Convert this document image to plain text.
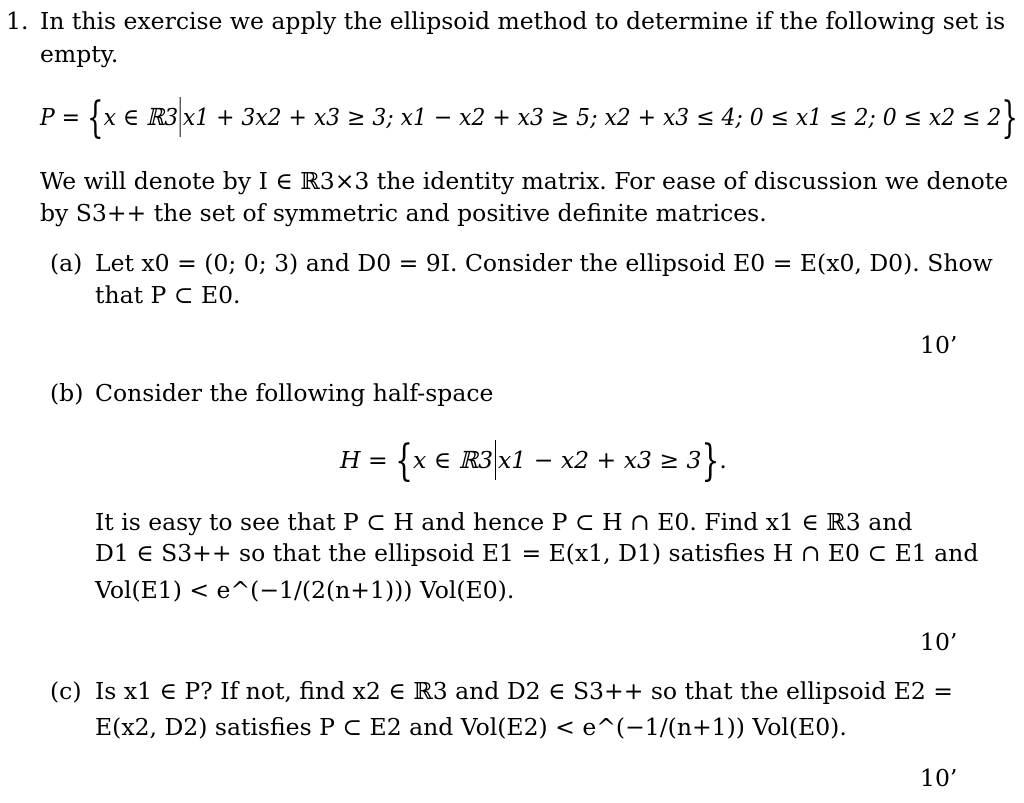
1. In this exercise we apply the ellipsoid method to determine if the following set is
empty.
P = {x ∈ ℝ3 x1 + 3x2 + x3 ≥ 3; x1 − x2 + x3 ≥ 5; x2 + x3 ≤ 4; 0 ≤ x1 ≤ 2; 0 ≤ x2 ≤ 2}
We will denote by I ∈ ℝ3×3 the identity matrix. For ease of discussion we denote
by S3++ the set of symmetric and positive definite matrices.
(a) Let x0 = (0; 0; 3) and D0 = 9I. Consider the ellipsoid E0 = E(x0, D0). Show
that P ⊂ E0.
10’
(b) Consider the following half-space
H = {x ∈ ℝ3 x1 − x2 + x3 ≥ 3}.
It is easy to see that P ⊂ H and hence P ⊂ H ∩ E0. Find x1 ∈ ℝ3 and
D1 ∈ S3++ so that the ellipsoid E1 = E(x1, D1) satisfies H ∩ E0 ⊂ E1 and
Vol(E1) < e^(−1/(2(n+1))) Vol(E0).
10’
(c) Is x1 ∈ P? If not, find x2 ∈ ℝ3 and D2 ∈ S3++ so that the ellipsoid E2 =
E(x2, D2) satisfies P ⊂ E2 and Vol(E2) < e^(−1/(n+1)) Vol(E0).
10’
